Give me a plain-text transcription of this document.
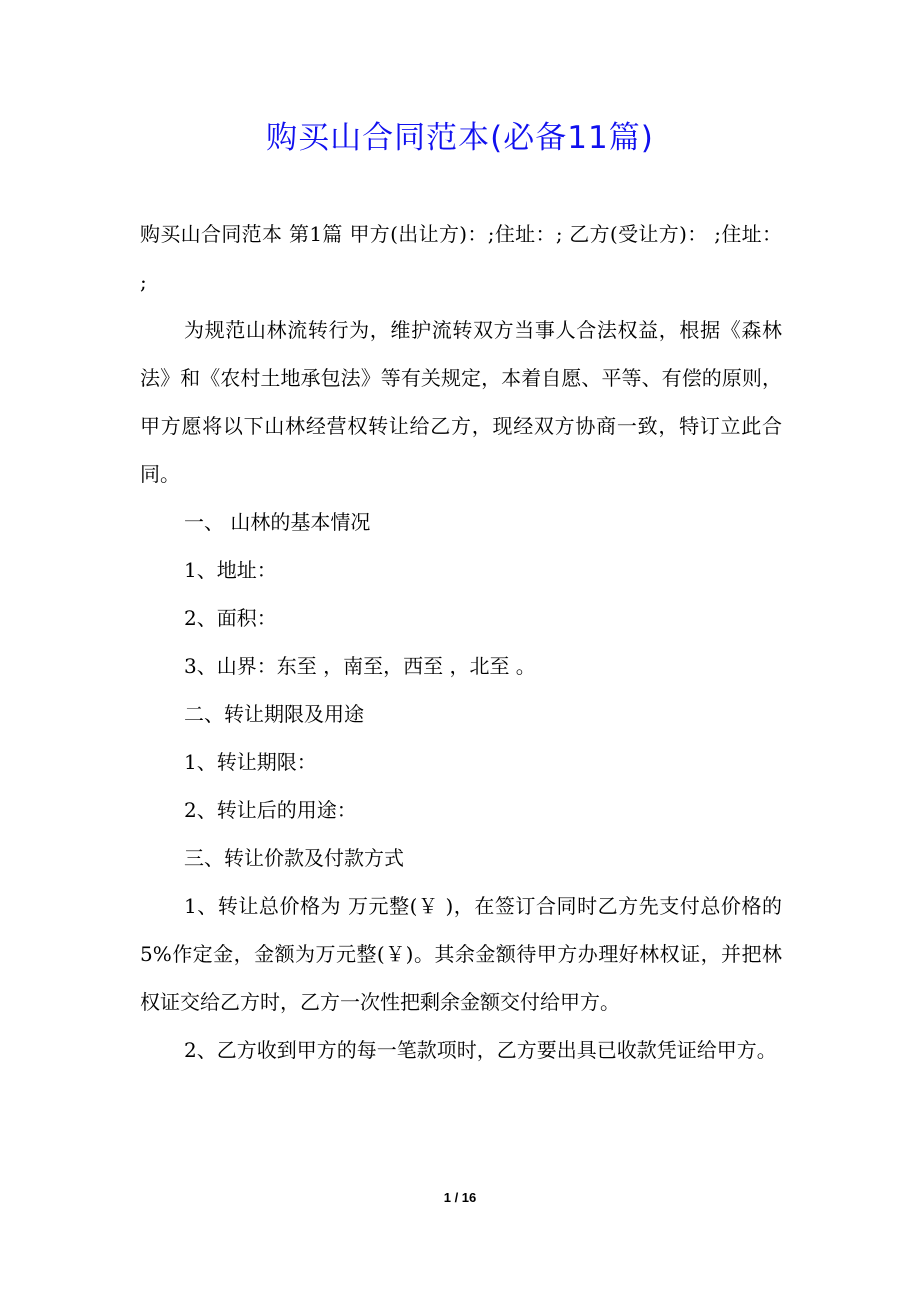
购买山合同范本(必备11篇)

购买山合同范本 第1篇 甲方(出让方)：;住址：; 乙方(受让方)： ;住址： ;

为规范山林流转行为，维护流转双方当事人合法权益，根据《森林法》和《农村土地承包法》等有关规定，本着自愿、平等、有偿的原则，甲方愿将以下山林经营权转让给乙方，现经双方协商一致，特订立此合同。

一、 山林的基本情况

1、地址：

2、面积：

3、山界：东至 ，南至，西至 ，北至 。

二、转让期限及用途

1、转让期限：

2、转让后的用途：

三、转让价款及付款方式

1、转让总价格为 万元整(￥ )，在签订合同时乙方先支付总价格的5%作定金，金额为万元整(￥)。其余金额待甲方办理好林权证，并把林权证交给乙方时，乙方一次性把剩余金额交付给甲方。

2、乙方收到甲方的每一笔款项时，乙方要出具已收款凭证给甲方。

1 / 16
